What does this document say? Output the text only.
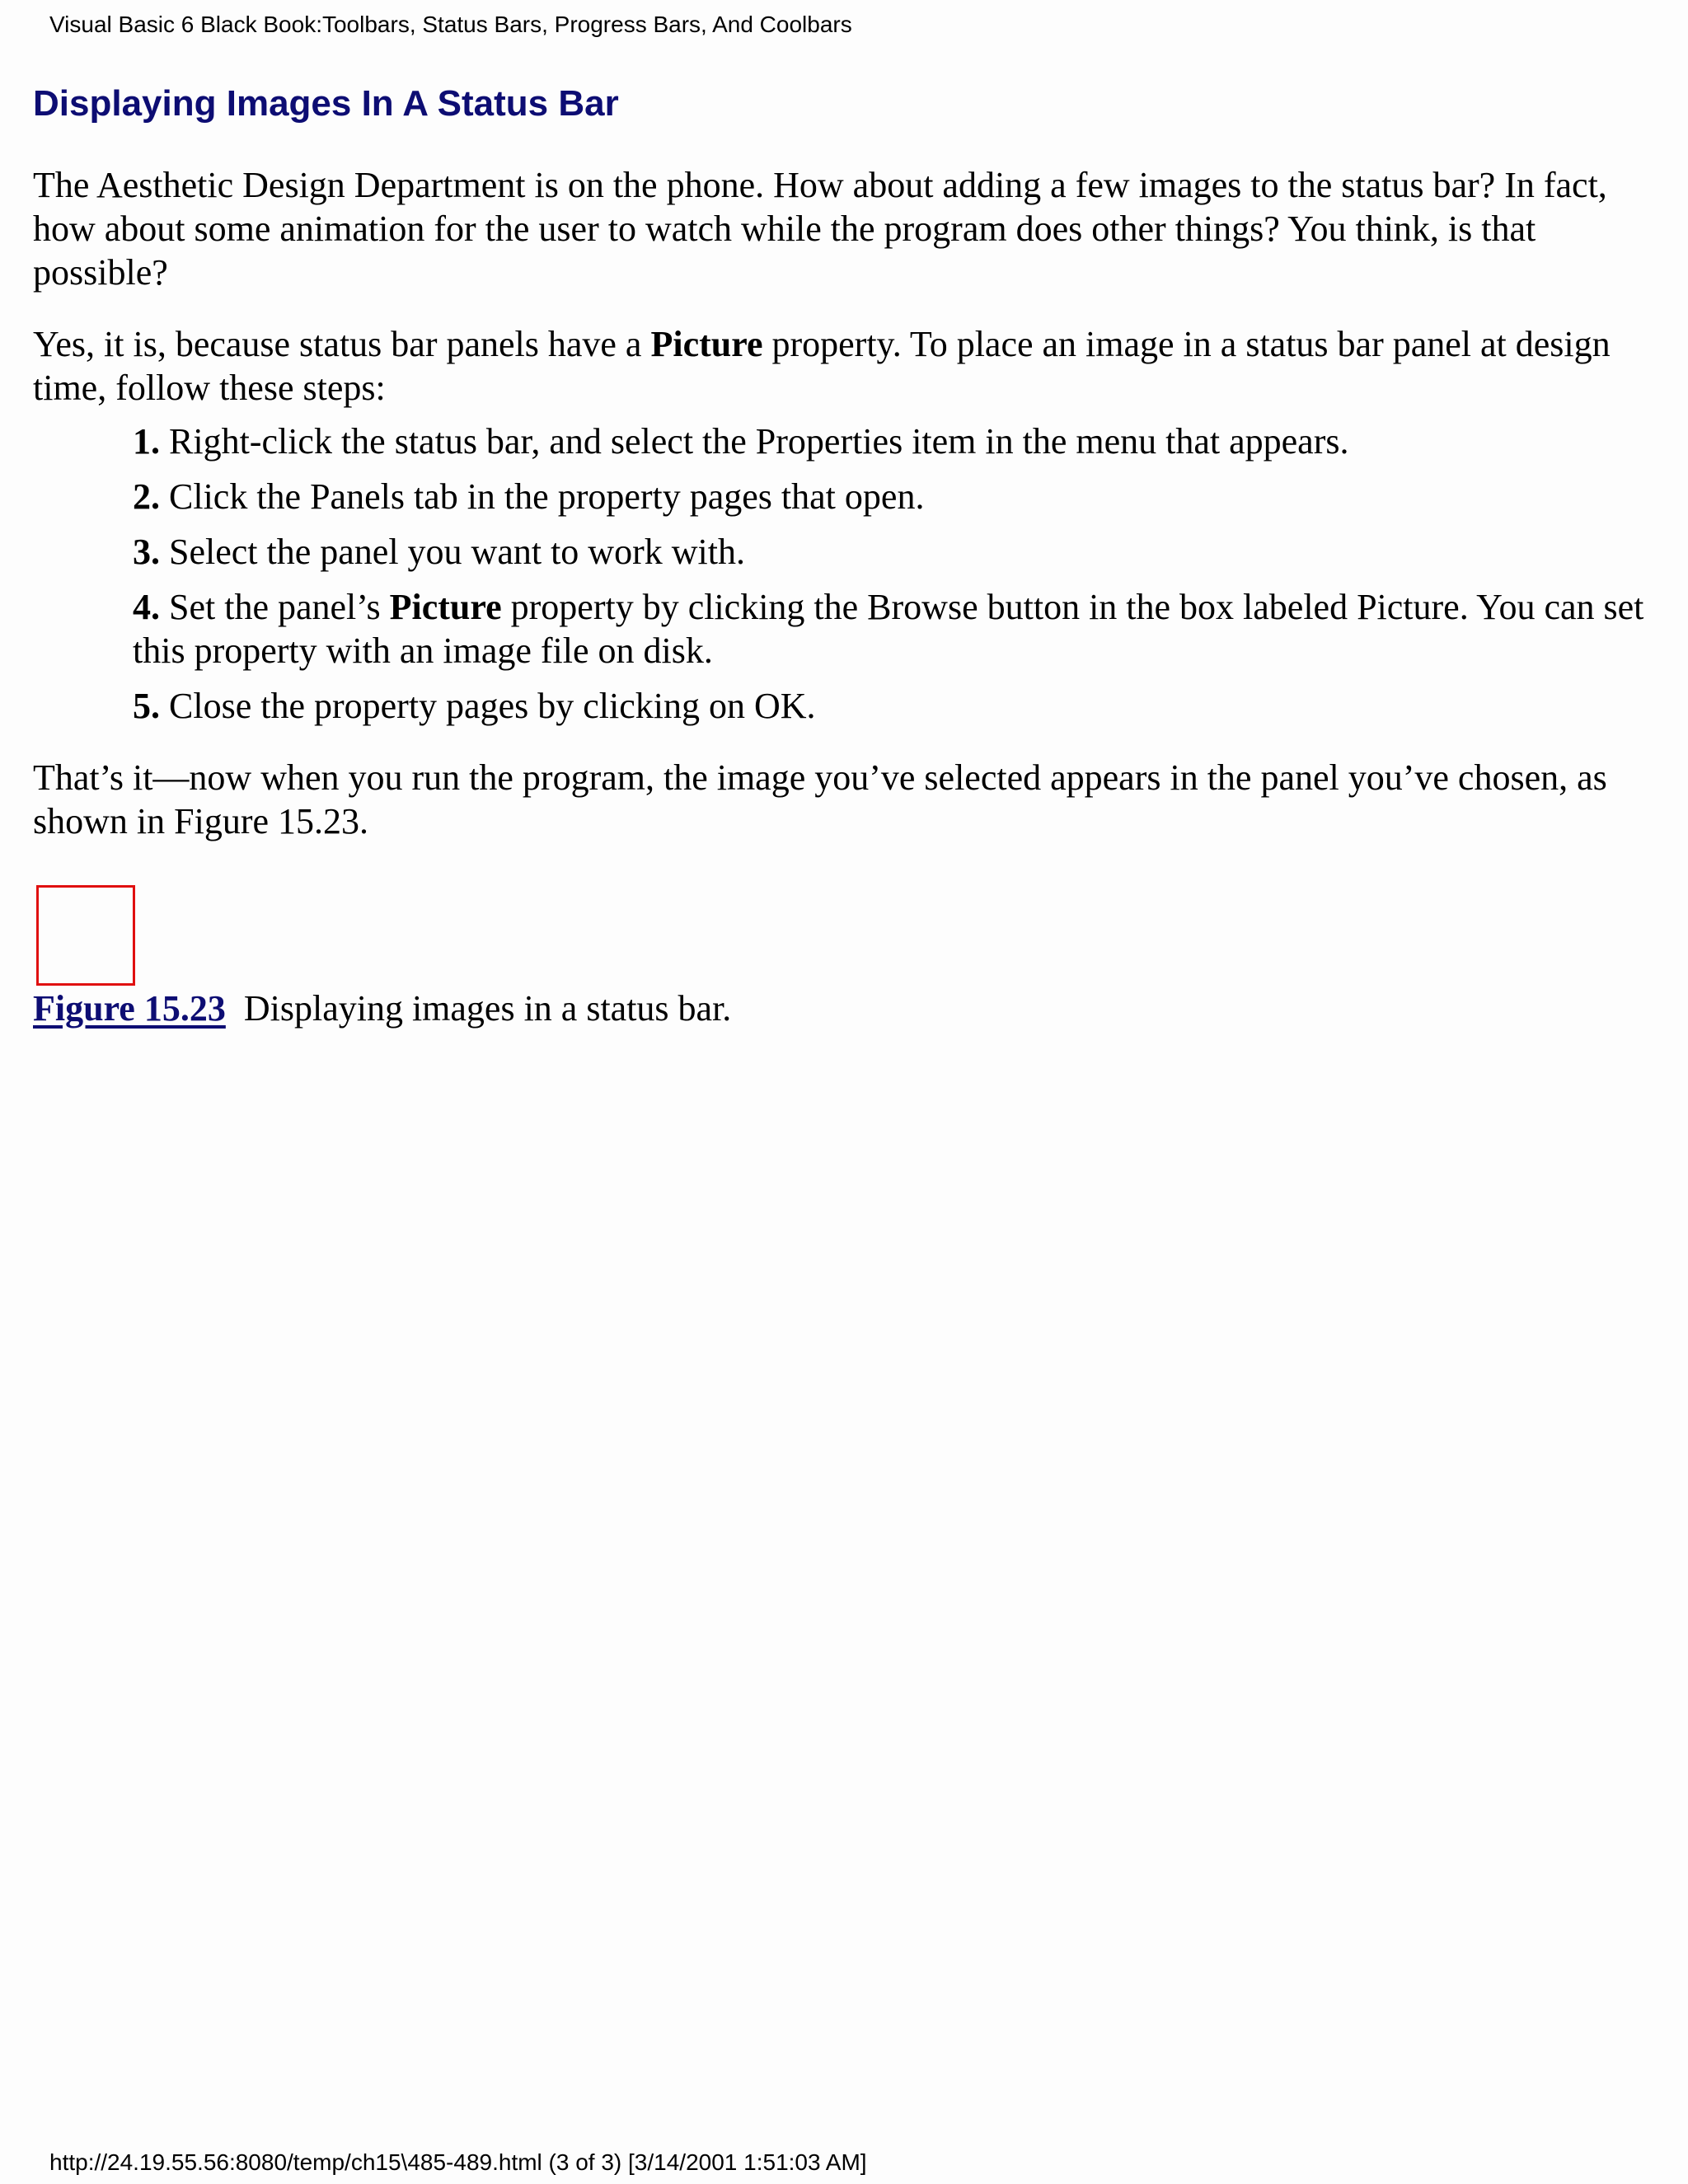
Visual Basic 6 Black Book:Toolbars, Status Bars, Progress Bars, And Coolbars
Displaying Images In A Status Bar

The Aesthetic Design Department is on the phone. How about adding a few images to the status bar? In fact, how about some animation for the user to watch while the program does other things? You think, is that possible?

Yes, it is, because status bar panels have a Picture property. To place an image in a status bar panel at design time, follow these steps:

1. Right-click the status bar, and select the Properties item in the menu that appears.
2. Click the Panels tab in the property pages that open.
3. Select the panel you want to work with.
4. Set the panel’s Picture property by clicking the Browse button in the box labeled Picture. You can set this property with an image file on disk.
5. Close the property pages by clicking on OK.

That’s it—now when you run the program, the image you’ve selected appears in the panel you’ve chosen, as shown in Figure 15.23.

Figure 15.23 Displaying images in a status bar.
http://24.19.55.56:8080/temp/ch15\485-489.html (3 of 3) [3/14/2001 1:51:03 AM]
